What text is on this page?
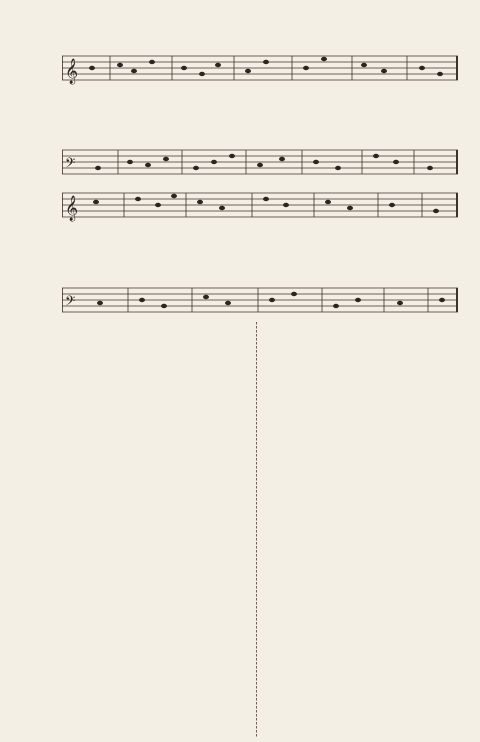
𝄞
𝄢
𝄞
𝄢
